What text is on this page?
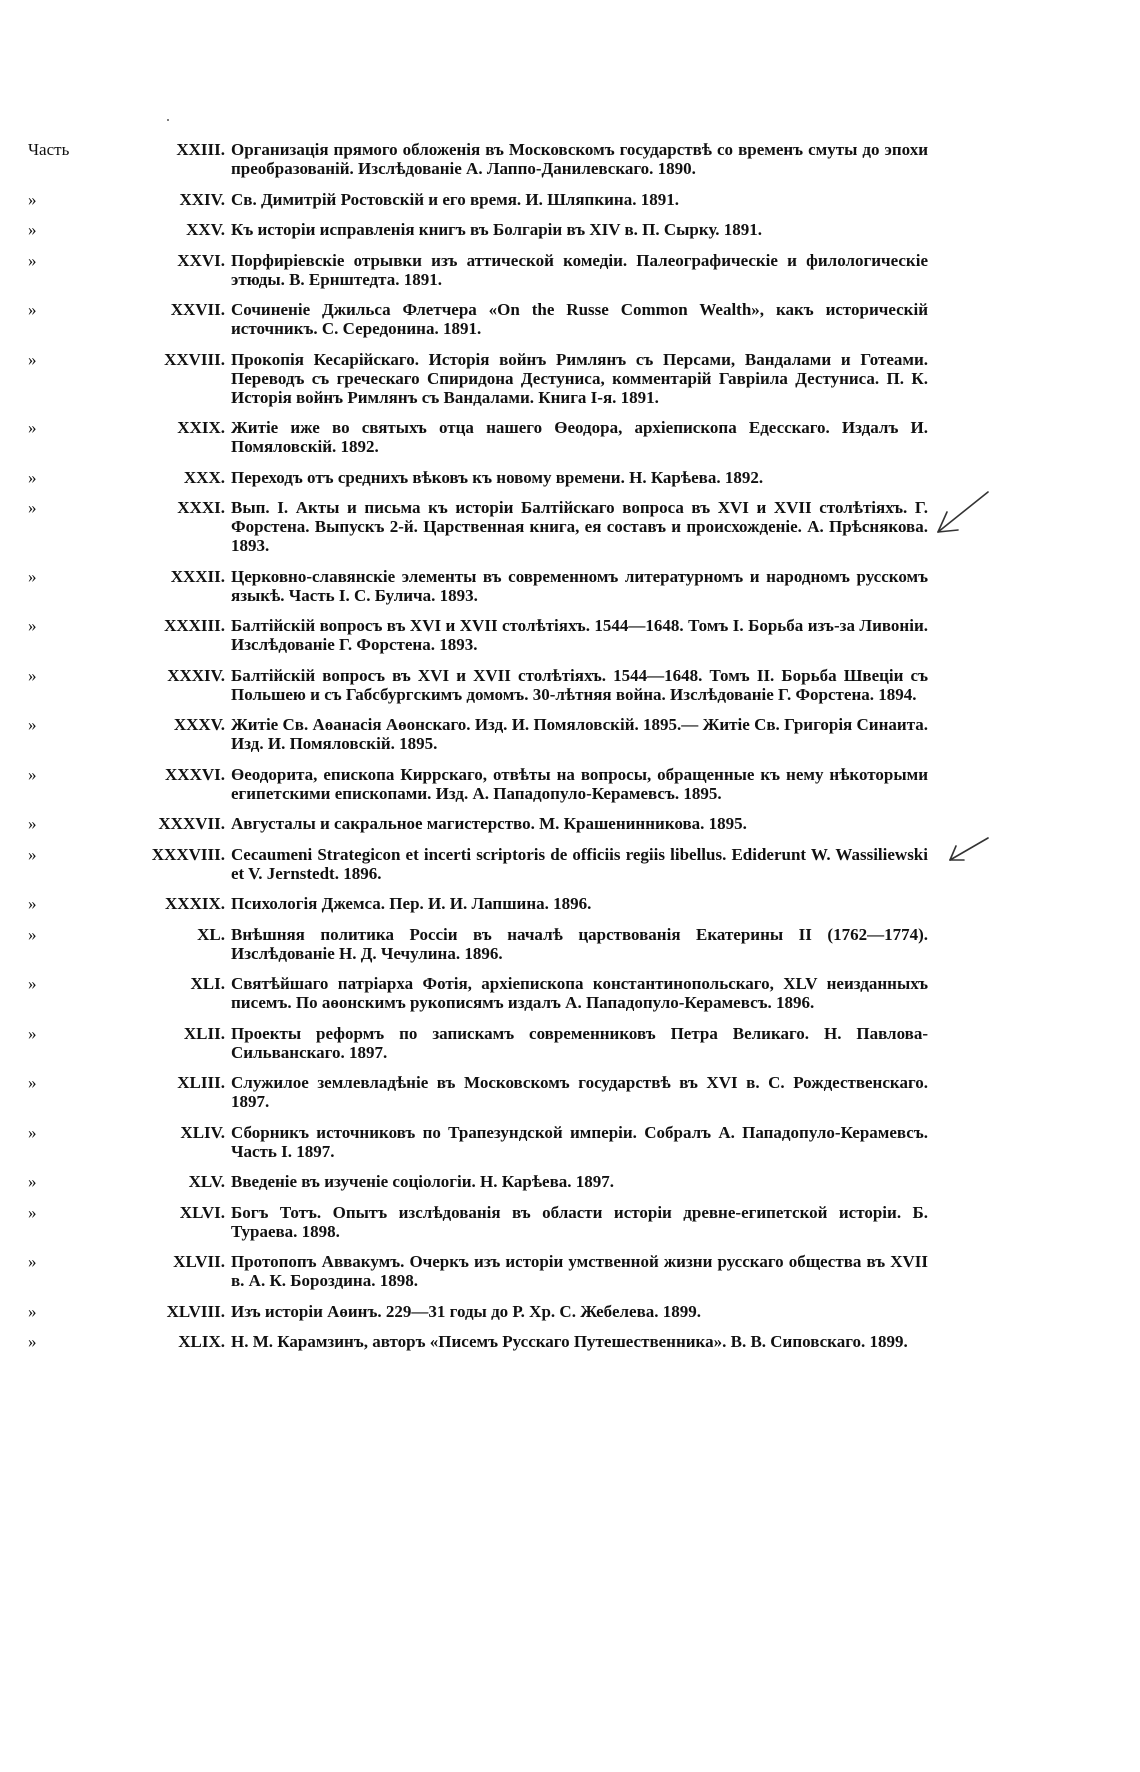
Часть	XXIII. Организація прямого обложенія въ Московскомъ государствѣ со временъ смуты до эпохи преобразованій. Изслѣдованіе А. Лаппо-Данилевскаго. 1890.
»	XXIV. Св. Димитрій Ростовскій и его время. И. Шляпкина. 1891.
»	XXV. Къ исторіи исправленія книгъ въ Болгаріи въ XIV в. П. Сырку. 1891.
»	XXVI. Порфиріевскіе отрывки изъ аттической комедіи. Палеографическіе и филологическіе этюды. В. Ернштедта. 1891.
»	XXVII. Сочиненіе Джильса Флетчера «On the Russe Common Wealth», какъ историческій источникъ. С. Середонина. 1891.
»	XXVIII. Прокопія Кесарійскаго. Исторія войнъ Римлянъ съ Персами, Вандалами и Готеами. Переводъ съ греческаго Спиридона Дестуниса, комментарій Гавріила Дестуниса. П. К. Исторія войнъ Римлянъ съ Вандалами. Книга I-я. 1891.
»	XXIX. Житіе иже во святыхъ отца нашего Өеодора, архіепископа Едесскаго. Издалъ И. Помяловскій. 1892.
»	XXX. Переходъ отъ среднихъ вѣковъ къ новому времени. Н. Карѣева. 1892.
»	XXXI. Вып. I. Акты и письма къ исторіи Балтійскаго вопроса въ XVI и XVII столѣтіяхъ. Г. Форстена. Выпускъ 2-й. Царственная книга, ея составъ и происхожденіе. А. Прѣснякова. 1893.
»	XXXII. Церковно-славянскіе элементы въ современномъ литературномъ и народномъ русскомъ языкѣ. Часть I. С. Булича. 1893.
»	XXXIII. Балтійскій вопросъ въ XVI и XVII столѣтіяхъ. 1544—1648. Томъ I. Борьба изъ-за Ливоніи. Изслѣдованіе Г. Форстена. 1893.
»	XXXIV. Балтійскій вопросъ въ XVI и XVII столѣтіяхъ. 1544—1648. Томъ II. Борьба Швеціи съ Польшею и съ Габсбургскимъ домомъ. 30-лѣтняя война. Изслѣдованіе Г. Форстена. 1894.
»	XXXV. Житіе Св. Аөанасія Аөонскаго. Изд. И. Помяловскій. 1895.— Житіе Св. Григорія Синаита. Изд. И. Помяловскій. 1895.
»	XXXVI. Өеодорита, епископа Киррскаго, отвѣты на вопросы, обращенные къ нему нѣкоторыми египетскими епископами. Изд. А. Пападопуло-Керамевсъ. 1895.
»	XXXVII. Августалы и сакральное магистерство. М. Крашенинникова. 1895.
»	XXXVIII. Cecaumeni Strategicon et incerti scriptoris de officiis regiis libellus. Ediderunt W. Wassiliewski et V. Jernstedt. 1896.
»	XXXIX. Психологія Джемса. Пер. И. И. Лапшина. 1896.
»	XL. Внѣшняя политика Россіи въ началѣ царствованія Екатерины II (1762—1774). Изслѣдованіе Н. Д. Чечулина. 1896.
»	XLI. Святѣйшаго патріарха Фотія, архіепископа константинопольскаго, XLV неизданныхъ писемъ. По аөонскимъ рукописямъ издалъ А. Пападопуло-Керамевсъ. 1896.
»	XLII. Проекты реформъ по запискамъ современниковъ Петра Великаго. Н. Павлова-Сильванскаго. 1897.
»	XLIII. Служилое землевладѣніе въ Московскомъ государствѣ въ XVI в. С. Рождественскаго. 1897.
»	XLIV. Сборникъ источниковъ по Трапезундской имперіи. Собралъ А. Пападопуло-Керамевсъ. Часть I. 1897.
»	XLV. Введеніе въ изученіе соціологіи. Н. Карѣева. 1897.
»	XLVI. Богъ Тотъ. Опытъ изслѣдованія въ области исторіи древне-египетской исторіи. Б. Тураева. 1898.
»	XLVII. Протопопъ Аввакумъ. Очеркъ изъ исторіи умственной жизни русскаго общества въ XVII в. А. К. Бороздина. 1898.
»	XLVIII. Изъ исторіи Аөинъ. 229—31 годы до Р. Хр. С. Жебелева. 1899.
»	XLIX. Н. М. Карамзинъ, авторъ «Писемъ Русскаго Путешественника». В. В. Сиповскаго. 1899.
